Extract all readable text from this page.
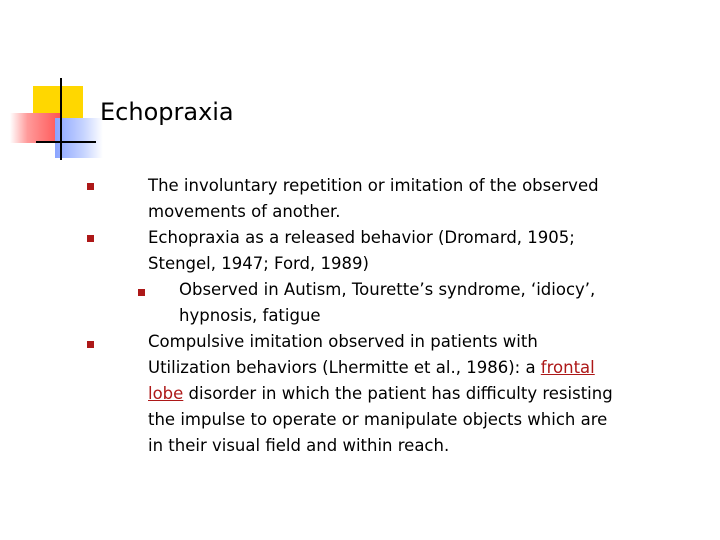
Echopraxia
The involuntary repetition or imitation of the observed
movements of another.
Echopraxia as a released behavior (Dromard, 1905;
Stengel, 1947; Ford, 1989)
Observed in Autism, Tourette’s syndrome, ‘idiocy’,
hypnosis, fatigue
Compulsive imitation observed in patients with
Utilization behaviors (Lhermitte et al., 1986): a frontal
lobe disorder in which the patient has difficulty resisting
the impulse to operate or manipulate objects which are
in their visual field and within reach.
